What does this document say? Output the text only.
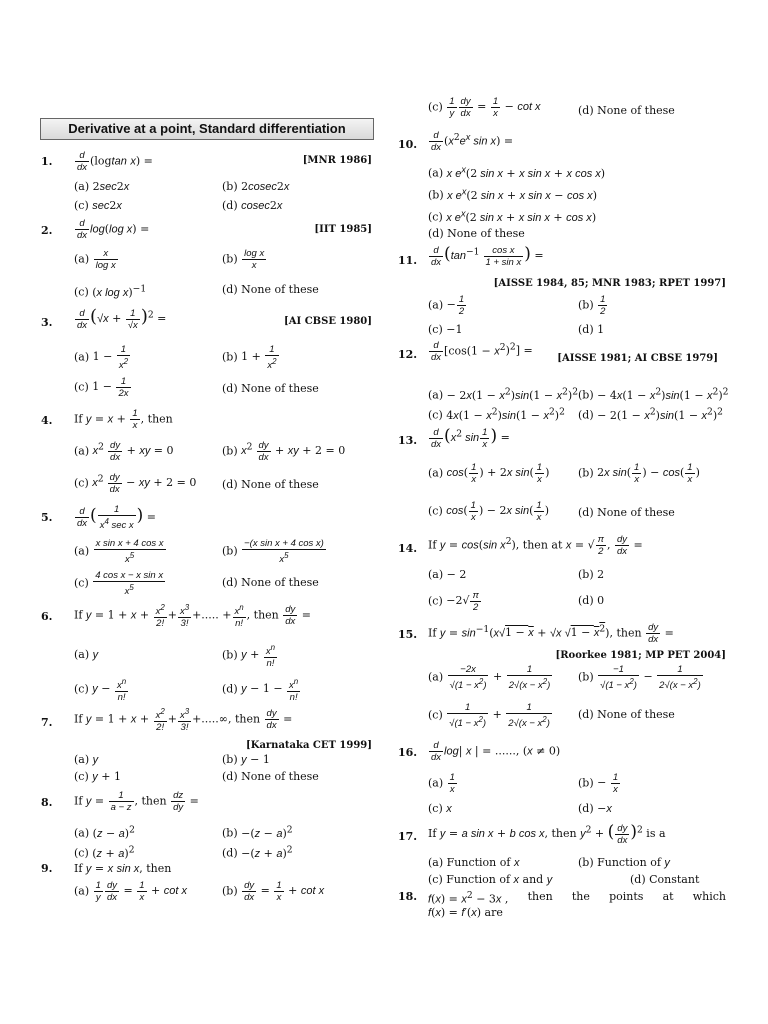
Derivative at a point, Standard differentiation
1. $\frac{d}{dx} (logtan$ x) =	[MNR 1986]
(a) 2sec2x	(b) 2cosec2x
(c) sec2x	(d) cosec2x
2. $\frac{d}{dx} \log(\log$ x) =	[IIT 1985]
$(a) \frac{x}{\text{log x}}$	$(b) \frac{\text{log x}}{x}$
(c) (x log x)$^{-1}$	(d) None of these
3. $\frac{d}{dx} (√x + \frac{1}{√x} )^2$ =	[AI CBSE 1980]
(a) $1 - \frac{1}{x^2}$	(b) $1 + \frac{1}{x^2}$
(c) $1 - \frac{1}{2x}$	(d) None of these
4. If $y = x + \frac{1}{x}$ , then
(a) $x^2 \frac{dy}{dx}$ + xy = 0	(b) $x^2 \frac{dy}{dx}$ + xy + 2 = 0
(c) $x^2 \frac{dy}{dx}$ − xy + 2 = 0 (d) None of these
5. $\frac{d}{dx}$ ( $\frac{1}{x^4 \sec x}$ ) =
$(a) \frac{\text{x sin x + 4 cos x}}{x^5}$	$(b) \frac{\text{−(x sin x + 4 cos x)}}{x^5}$
$(c) \frac{\text{4 cos x − x sin x}}{x^5}$	(d) None of these
6. If $y = 1 + x + \frac{x^2}{2!} + \frac{x^3}{3!}$ +..... + $\frac{x^n}{n!}$ , then $\frac{dy}{dx}$ =
(a) y	(b) $y + \frac{x^n}{n!}$
(c) $y - \frac{x^n}{n!}$	(d) $y - 1 - \frac{x^n}{n!}$
7. If $y = 1 + x + \frac{x^2}{2!} + \frac{x^3}{3!}$ +.....∞, then $\frac{dy}{dx}$ =
[Karnataka CET 1999]
(a) y	(b) y − 1
(c) y + 1	(d) None of these
8. If $y = \frac{1}{a - z}$ , then $\frac{dz}{dy}$ =
(a) $(z - a)^2$	$(b) -(z - a)^2$
(c) $(z + a)^2$	$(d) -(z + a)^2$
9. If y = x sin x, then
$(a) \frac{1}{y} \frac{dy}{dx} = \frac{1}{x} + \cot x$	$(b) \frac{dy}{dx} = \frac{1}{x} + \cot x$
$(c) \frac{1}{y} \frac{dy}{dx} = \frac{1}{x} - \cot x$	(d) None of these
10. $\frac{d}{dx} (x^2e^x$ sin x) =
(a) x $e^x(2$ sin x + x sin x + x cos x)
(b) x $e^x(2$ sin x + x sin x − cos x)
(c) x $e^x(2$ sin x + x sin x + cos x)
(d) None of these
11. $\frac{d}{dx} (\tan^{-1} \frac{\text{cos x}}{\text{1 + sin x}}$ ) =
[AISSE 1984, 85; MNR 1983; RPET 1997]
$(a) - \frac{1}{2}$	$(b) \frac{1}{2}$
(c) −1	(d) 1
12. $\frac{d}{dx} [\cos(1 - x^2)^2]$ =
[AISSE 1981; AI CBSE 1979]
$(a) - 2x(1 - x^2)\sin(1 - x^2)^2$ $(b) - 4x(1 - x^2)\sin(1 - x^2)^2$
(c) $4x(1 - x^2)\sin(1 - x^2)^2$ $(d) - 2(1 - x^2)\sin(1 - x^2)^2$
13. $\frac{d}{dx} (x^2$ $\sin \frac{1}{x}$ ) =
(a) $\cos( \frac{1}{x}$ ) + 2x $\sin( \frac{1}{x}$ )	(b) 2x $\sin( \frac{1}{x}$ ) − $\cos( \frac{1}{x}$ )
(c) $\cos( \frac{1}{x}$ ) − 2x $\sin( \frac{1}{x}$ )	(d) None of these
14. If y = cos(sin $x^2$), then at x = √ $\frac{\pi}{2}$ , $\frac{dy}{dx}$ =
(a) − 2	(b) 2
$(c) -2√ \frac{\pi}{2}$	(d) 0
15. If $y = \sin^{-1}(x√1 - x + √x$ $√1 - x^2$), then $\frac{dy}{dx}$ =
[Roorkee 1981; MP PET 2004]
$(a) \frac{-2x}{√(1 - x^2)} + \frac{1}{2√(x - x^2)} (b) \frac{-1}{√(1 - x^2)} - \frac{1}{2√(x - x^2)}$
$(c) \frac{1}{√(1 - x^2)} + \frac{1}{2√(x - x^2)} (d)$ None of these
16. $\frac{d}{dx} \log|$ x | = ......, (x ≠ 0)
$(a) \frac{1}{x}$	$(b) - \frac{1}{x}$
(c) x	(d) −x
17. If y = a sin x + b cos x, then $y^2$ + ( $\frac{dy}{dx} )^2$ is a
(a) Function of x	(b) Function of y
(c) Function of x and y	(d) Constant
18. $f(x) = x^2 - 3x$ , then the points at which
f(x) = f′(x) are
